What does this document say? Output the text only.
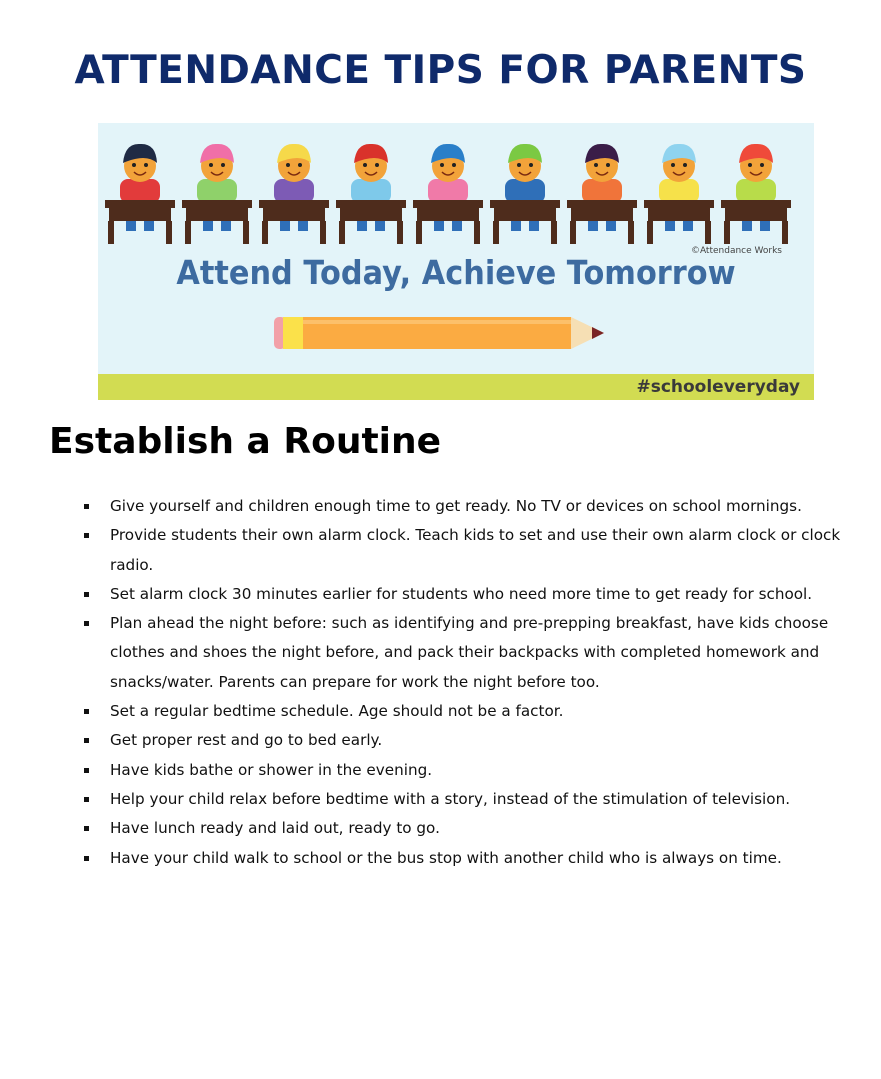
ATTENDANCE TIPS FOR PARENTS
©Attendance Works
Attend Today, Achieve Tomorrow
#schooleveryday
Establish a Routine
Give yourself and children enough time to get ready. No TV or devices on school mornings.
Provide students their own alarm clock. Teach kids to set and use their own alarm clock or clock radio.
Set alarm clock 30 minutes earlier for students who need more time to get ready for school.
Plan ahead the night before: such as identifying and pre-prepping breakfast, have kids choose clothes and shoes the night before, and pack their backpacks with completed homework and snacks/water. Parents can prepare for work the night before too.
Set a regular bedtime schedule. Age should not be a factor.
Get proper rest and go to bed early.
Have kids bathe or shower in the evening.
Help your child relax before bedtime with a story, instead of the stimulation of television.
Have lunch ready and laid out, ready to go.
Have your child walk to school or the bus stop with another child who is always on time.
